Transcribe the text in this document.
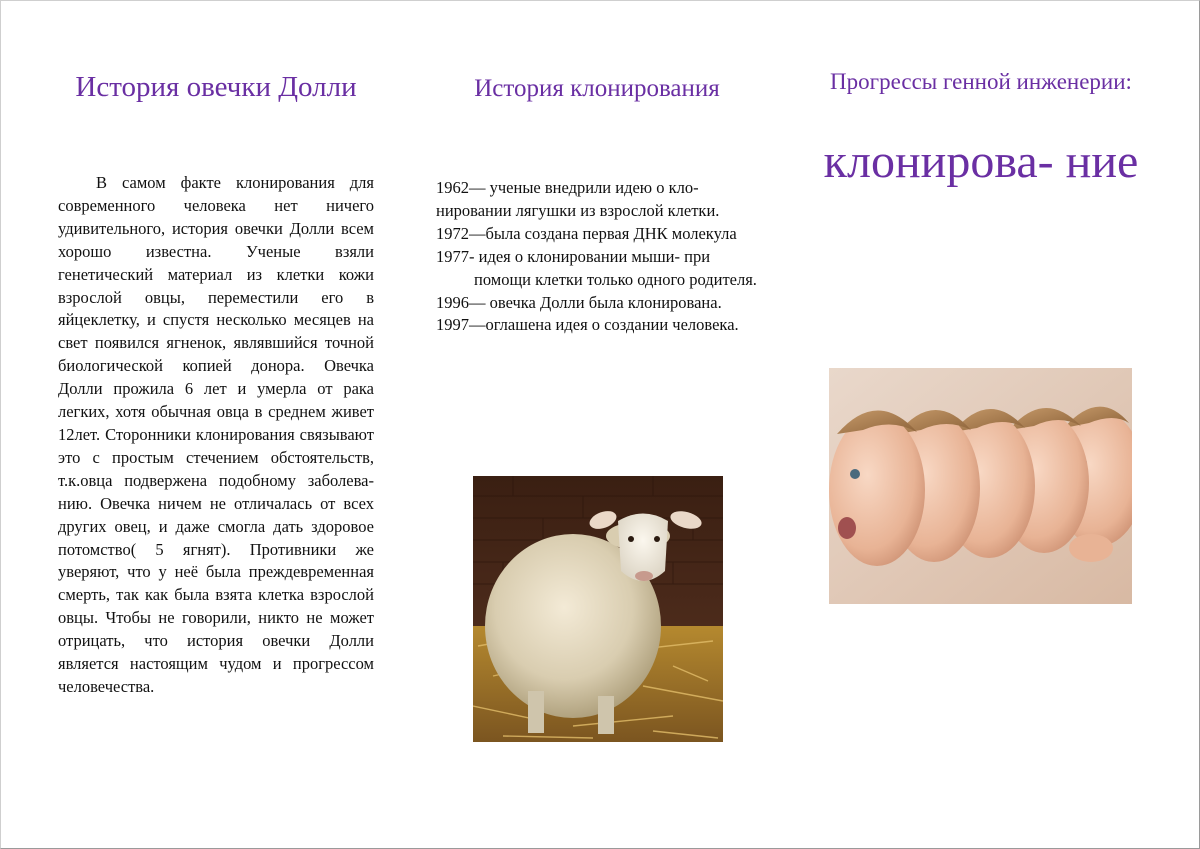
История овечки Долли

В самом факте клонирования для современного человека нет ничего удивительного, история овечки Долли всем хорошо известна. Ученые взяли генетический материал из клетки кожи взрослой овцы, переместили его в яйцеклетку, и спустя несколько месяцев на свет появился ягненок, являвшийся точной биологической копией донора. Овечка Долли прожила 6 лет и умерла от рака легких, хотя обычная овца в среднем живет 12лет. Сторонники клонирования связывают это с простым стечением обстоятельств, т.к.овца подвержена подобному заболеванию. Овечка ничем не отличалась от всех других овец, и даже смогла дать здоровое потомство( 5 ягнят). Противники же уверяют, что у неё была преждевременная смерть, так как была взята клетка взрослой овцы. Чтобы не говорили, никто не может отрицать, что история овечки Долли является настоящим чудом и прогрессом человечества.

История клонирования
1962— ученые внедрили идею о клонировании лягушки из взрослой клетки.
1972—была создана первая ДНК молекула
1977- идея о клонировании мыши- при помощи клетки только одного родителя.
1996— овечка Долли была клонирована.
1997—оглашена идея о создании человека.
Прогрессы генной инженерии:
клонирова- ние
